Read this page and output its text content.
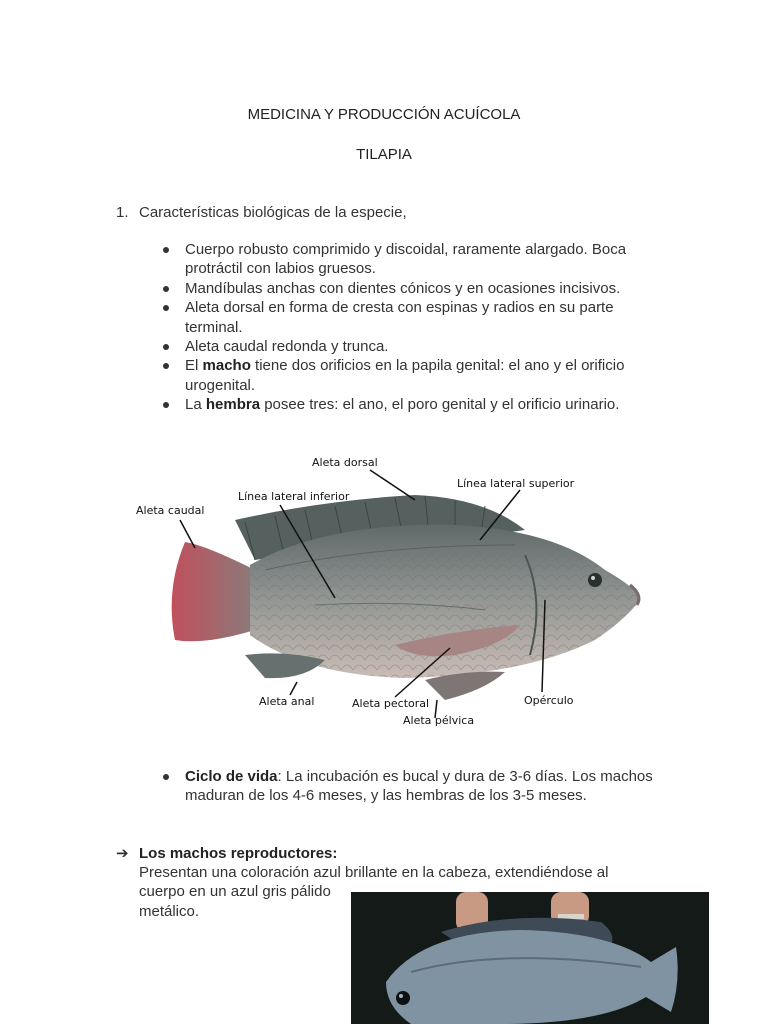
MEDICINA Y PRODUCCIÓN ACUÍCOLA
TILAPIA
1. Características biológicas de la especie,

Cuerpo robusto comprimido y discoidal, raramente alargado. Boca
protráctil con labios gruesos.

Mandíbulas anchas con dientes cónicos y en ocasiones incisivos.

Aleta dorsal en forma de cresta con espinas y radios en su parte
terminal.

Aleta caudal redonda y trunca.

El macho tiene dos orificios en la papila genital: el ano y el orificio
urogenital.

La hembra posee tres: el ano, el poro genital y el orificio urinario.

Aleta dorsal
Línea lateral superior
Línea lateral inferior
Aleta caudal
Aleta anal	Aleta pectoral
Aleta pélvica
Opérculo

Ciclo de vida: La incubación es bucal y dura de 3-6 días. Los machos
maduran de los 4-6 meses, y las hembras de los 3-5 meses.

➔ Los machos reproductores:
Presentan una coloración azul brillante en la cabeza, extendiéndose al
cuerpo en un azul gris pálido
metálico.
